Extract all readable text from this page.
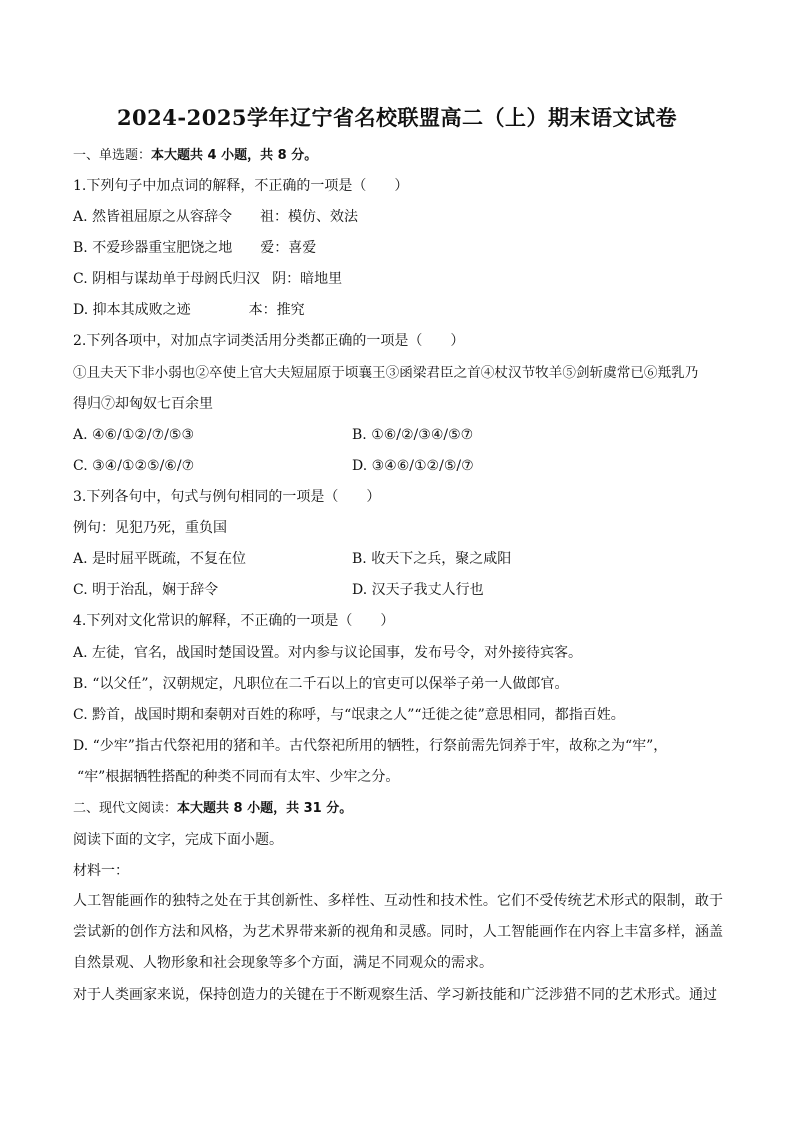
2024-2025学年辽宁省名校联盟高二（上）期末语文试卷
一、单选题：本大题共 4 小题，共 8 分。
1.下列句子中加点词的解释，不正确的一项是（　　）
A. 然皆祖屈原之从容辞令 祖：模仿、效法
B. 不爱珍器重宝肥饶之地 爱：喜爱
C. 阴相与谋劫单于母阏氏归汉 阴：暗地里
D. 抑本其成败之迹	本：推究
2.下列各项中，对加点字词类活用分类都正确的一项是（　　）
①且夫天下非小弱也②卒使上官大夫短屈原于顷襄王③函梁君臣之首④杖汉节牧羊⑤剑斩虞常已⑥羝乳乃
得归⑦却匈奴七百余里
A. ④⑥/①②/⑦/⑤③	B. ①⑥/②/③④/⑤⑦
C. ③④/①②⑤/⑥/⑦	D. ③④⑥/①②/⑤/⑦
3.下列各句中，句式与例句相同的一项是（　　）
例句：见犯乃死，重负国
A. 是时屈平既疏，不复在位	B. 收天下之兵，聚之咸阳
C. 明于治乱，娴于辞令	D. 汉天子我丈人行也
4.下列对文化常识的解释，不正确的一项是（　　）
A. 左徒，官名，战国时楚国设置。对内参与议论国事，发布号令，对外接待宾客。
B. “以父任”，汉朝规定，凡职位在二千石以上的官吏可以保举子弟一人做郎官。
C. 黔首，战国时期和秦朝对百姓的称呼，与“氓隶之人”“迁徙之徒”意思相同，都指百姓。
D. “少牢”指古代祭祀用的猪和羊。古代祭祀所用的牺牲，行祭前需先饲养于牢，故称之为“牢”，
“牢”根据牺牲搭配的种类不同而有太牢、少牢之分。
二、现代文阅读：本大题共 8 小题，共 31 分。
阅读下面的文字，完成下面小题。
材料一：
人工智能画作的独特之处在于其创新性、多样性、互动性和技术性。它们不受传统艺术形式的限制，敢于尝试新的创作方法和风格，为艺术界带来新的视角和灵感。同时，人工智能画作在内容上丰富多样，涵盖自然景观、人物形象和社会现象等多个方面，满足不同观众的需求。
对于人类画家来说，保持创造力的关键在于不断观察生活、学习新技能和广泛涉猎不同的艺术形式。通过
